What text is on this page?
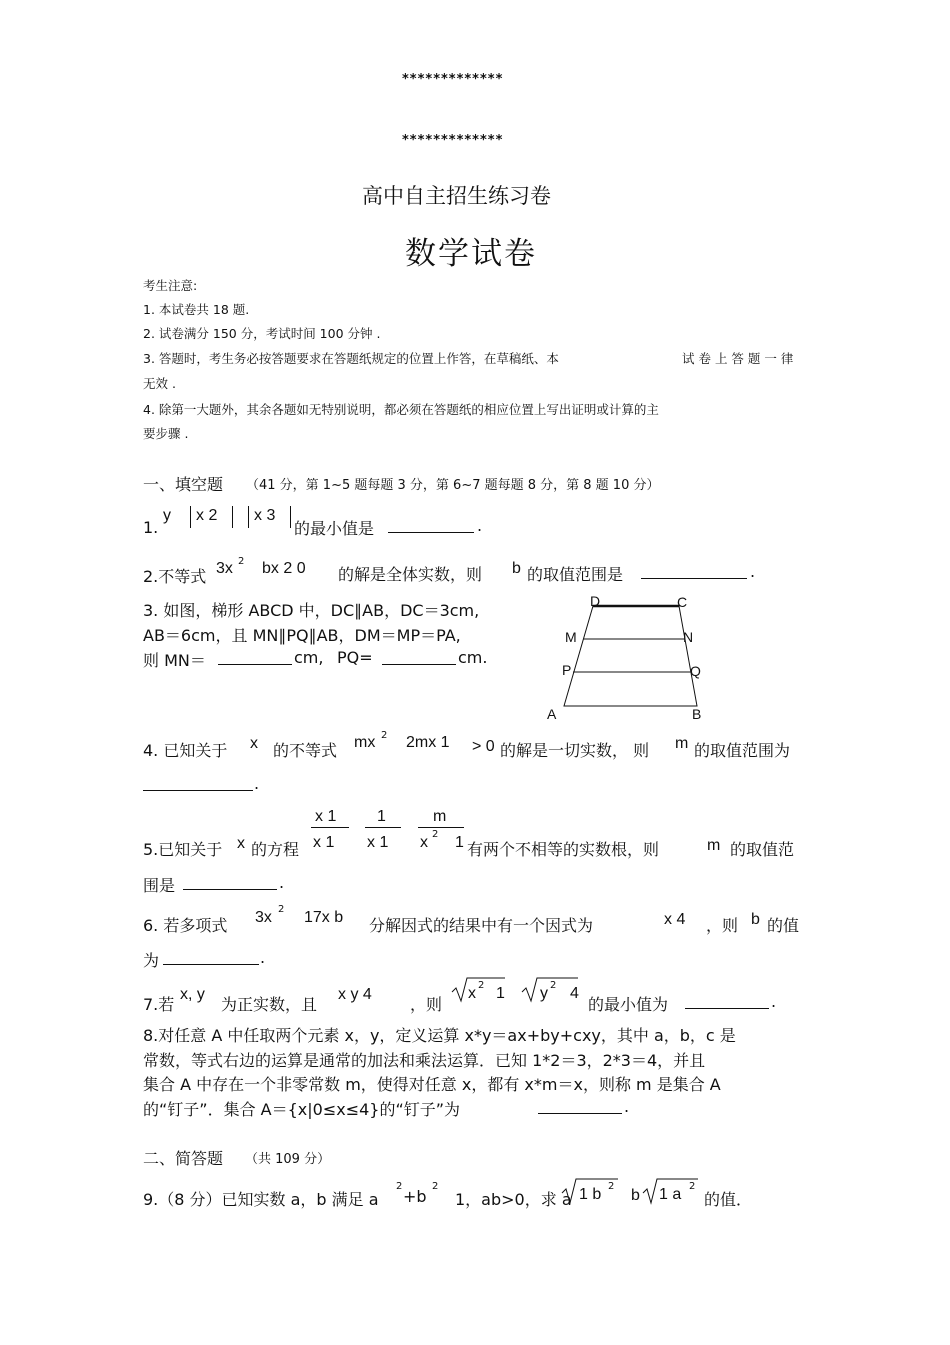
*************
*************
高中自主招生练习卷
数学试卷
考生注意:
1. 本试卷共 18 题.
2. 试卷满分 150 分，考试时间 100 分钟 .
3. 答题时，考生务必按答题要求在答题纸规定的位置上作答，在草稿纸、本	试 卷 上 答 题 一 律
无效 .
4. 除第一大题外，其余各题如无特别说明，都必须在答题纸的相应位置上写出证明或计算的主
要步骤 .
一、填空题 （41 分，第 1~5 题每题 3 分，第 6~7 题每题 8 分，第 8 题 10 分）
1.
y x 2 x 3
的最小值是	.
2.不等式 3x 2 bx 2 0 的解是全体实数，则 b 的取值范围是	.
3. 如图，梯形 ABCD 中，DC∥AB，DC＝3cm,
AB＝6cm，且 MN∥PQ∥AB，DM＝MP＝PA,
则 MN＝	cm, PQ=	cm.
D	C
M	N
P	Q
A	B
4. 已知关于 x 的不等式 mx 2 2mx 1 > 0 的解是一切实数， 则 m 的取值范围为
.
5.已知关于 x 的方程
x 1
x 1
1
x 1
m
x 2 1 有两个不相等的实数根，则	m 的取值范
围是	.
6. 若多项式 3x 2 17x b 分解因式的结果中有一个因式为	x 4 ，则 b 的值
为	.
7.若
x, y
为正实数，且
x y 4
，则
x 2 1 y 2 4
的最小值为	.
8.对任意 A 中任取两个元素 x，y，定义运算 x*y＝ax+by+cxy，其中 a，b，c 是
常数，等式右边的运算是通常的加法和乘法运算．已知 1*2＝3，2*3＝4，并且
集合 A 中存在一个非零常数 m，使得对任意 x，都有 x*m＝x，则称 m 是集合 A
的“钉子”．集合 A＝{x|0≤x≤4}的“钉子”为	.
二、简答题 （共 109 分）
9.（8 分）已知实数 a，b 满足 a
2
+b
2
1，ab>0，求 a 1 b 2
b 1 a 2
的值．
